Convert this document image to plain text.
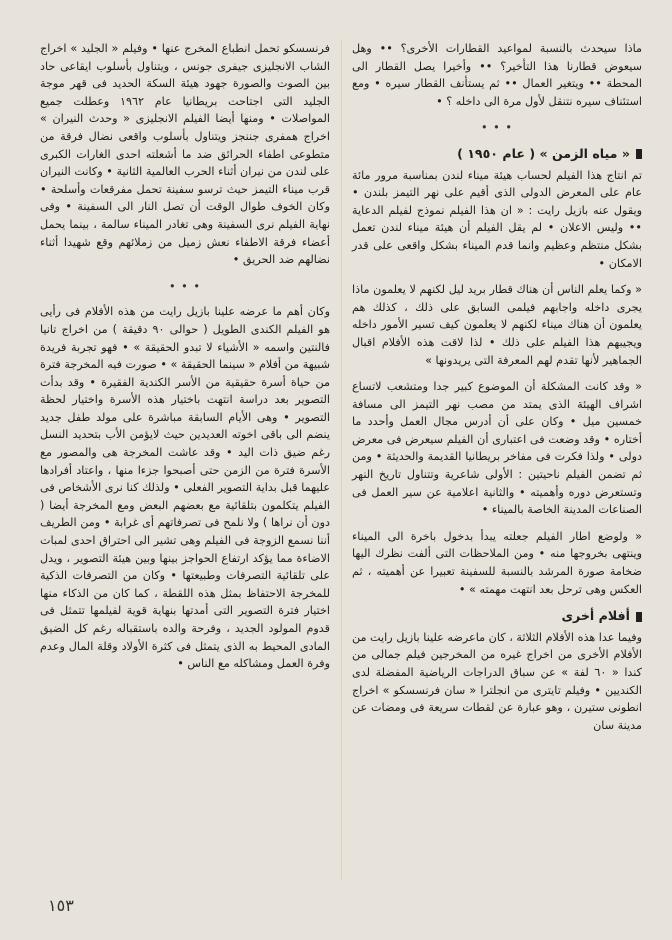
ماذا سيحدث بالنسبة لمواعيد القطارات الأخرى؟ •• وهل سيعوض قطارنا هذا التأخير؟ •• وأخيرا يصل القطار الى المحطة •• ويتغير العمال •• ثم يستأنف القطار سيره • ومع استئناف سيره نتنقل لأول مرة الى داخله ؟ •

• • •
« مياه الزمن » ( عام ١٩٥٠ )

تم انتاج هذا الفيلم لحساب هيئة ميناء لندن بمناسبة مرور مائة عام على المعرض الدولى الذى أقيم على نهر التيمز بلندن • ويقول عنه بازيل رايت : « ان هذا الفيلم نموذج لفيلم الدعاية •• وليس الاعلان • لم يقل الفيلم أن هيئة ميناء لندن تعمل بشكل منتظم وعظيم وانما قدم الميناء بشكل واقعى على قدر الامكان •

« وكما يعلم الناس أن هناك قطار بريد ليل لكنهم لا يعلمون ماذا يجرى داخله واجابهم فيلمى السابق على ذلك ، كذلك هم يعلمون أن هناك ميناء لكنهم لا يعلمون كيف تسير الأمور داخله ويجيبهم هذا الفيلم على ذلك • لذا لاقت هذه الأفلام اقبال الجماهير لأنها تقدم لهم المعرفة التى يريدونها »

« وقد كانت المشكلة أن الموضوع كبير جدا ومتشعب لاتساع اشراف الهيئة الذى يمتد من مصب نهر التيمز الى مسافة خمسين ميل • وكان على أن أدرس مجال العمل وأحدد ما أختاره • وقد وضعت فى اعتبارى أن الفيلم سيعرض فى معرض دولى • ولذا فكرت فى مفاخر بريطانيا القديمة والحديثة • ومن ثم تضمن الفيلم ناحيتين : الأولى شاعرية وتتناول تاريخ النهر وتستعرض دوره وأهميته • والثانية اعلامية عن سير العمل فى الصناعات المدينة الخاصة بالميناء •

« ولوضع اطار الفيلم جعلته يبدأ بدخول باخرة الى الميناء وينتهى بخروجها منه • ومن الملاحظات التى ألفت نظرك اليها ضخامة صورة المرشد بالنسبة للسفينة تعبيرا عن أهميته ، ثم العكس وهى ترحل بعد انتهت مهمته » •

أفلام أخرى

وفيما عدا هذه الأفلام الثلاثة ، كان ماعرضه علينا بازيل رايت من الأفلام الأخرى من اخراج غيره من المخرجين فيلم جمالى من كندا « ٦٠ لفة » عن سباق الدراجات الرياضية المفضلة لدى الكنديين • وفيلم تايترى من انجلترا « سان فرنسسكو » اخراج انطونى ستيرن ، وهو عبارة عن لقطات سريعة فى ومضات عن مدينة سان

فرنسسكو تحمل انطباع المخرج عنها • وفيلم « الجليد » اخراج الشاب الانجليزى جيفرى جونس ، ويتناول بأسلوب ايقاعى حاد بين الصوت والصورة جهود هيئة السكة الحديد فى قهر موجة الجليد التى اجتاحت بريطانيا عام ١٩٦٢ وعطلت جميع المواصلات • ومنها أيضا الفيلم الانجليزى « وحدث النيران » اخراج همفرى جننجز ويتناول بأسلوب واقعى نضال فرقة من متطوعى اطفاء الحرائق ضد ما أشعلته احدى الغارات الكبرى على لندن من نيران أثناء الحرب العالمية الثانية • وكانت النيران قرب ميناء التيمز حيث ترسو سفينة تحمل مفرقعات وأسلحة • وكان الخوف طوال الوقت أن تصل النار الى السفينة • وفى نهاية الفيلم نرى السفينة وهى تغادر الميناء سالمة ، بينما يحمل أعضاء فرقة الاطفاء نعش زميل من زملائهم وقع شهيدا أثناء نضالهم ضد الحريق •

• • •

وكان أهم ما عرضه علينا بازيل رايت من هذه الأفلام فى رأيى هو الفيلم الكندى الطويل ( حوالى ٩٠ دقيقة ) من اخراج تانيا فالنتين واسمه « الأشياء لا تبدو الحقيقة » • فهو تجربة فريدة شبيهة من أفلام « سينما الحقيقة » • صورت فيه المخرجة فترة من حياة أسرة حقيقية من الأسر الكندية الفقيرة • وقد بدأت التصوير بعد دراسة انتهت باختيار هذه الأسرة واختيار لحظة التصوير • وهى الأيام السابقة مباشرة على مولد طفل جديد ينضم الى باقى اخوته العديدين حيث لايؤمن الأب بتحديد النسل رغم ضيق ذات اليد • وقد عاشت المخرجة هى والمصور مع الأسرة فترة من الزمن حتى أصبحوا جزءا منها ، واعتاد أفرادها عليهما قبل بداية التصوير الفعلى • ولذلك كنا نرى الأشخاص فى الفيلم يتكلمون بتلقائية مع بعضهم البعض ومع المخرجة أيضا ( دون أن نراها ) ولا نلمح فى تصرفاتهم أى غرابة • ومن الطريف أننا نسمع الزوجة فى الفيلم وهى تشير الى احتراق احدى لمبات الاضاءة مما يؤكد ارتفاع الحواجز بينها وبين هيئة التصوير ، ويدل على تلقائية التصرفات وطبيعتها • وكان من التصرفات الذكية للمخرجة الاحتفاظ بمثل هذه اللقطة ، كما كان من الذكاء منها اختيار فترة التصوير التى أمدتها بنهاية قوية لفيلمها تتمثل فى قدوم المولود الجديد ، وفرحة والده باستقباله رغم كل الضيق المادى المحيط به الذى يتمثل فى كثرة الأولاد وقلة المال وعدم وفرة العمل ومشاكله مع الناس •

١٥٣
